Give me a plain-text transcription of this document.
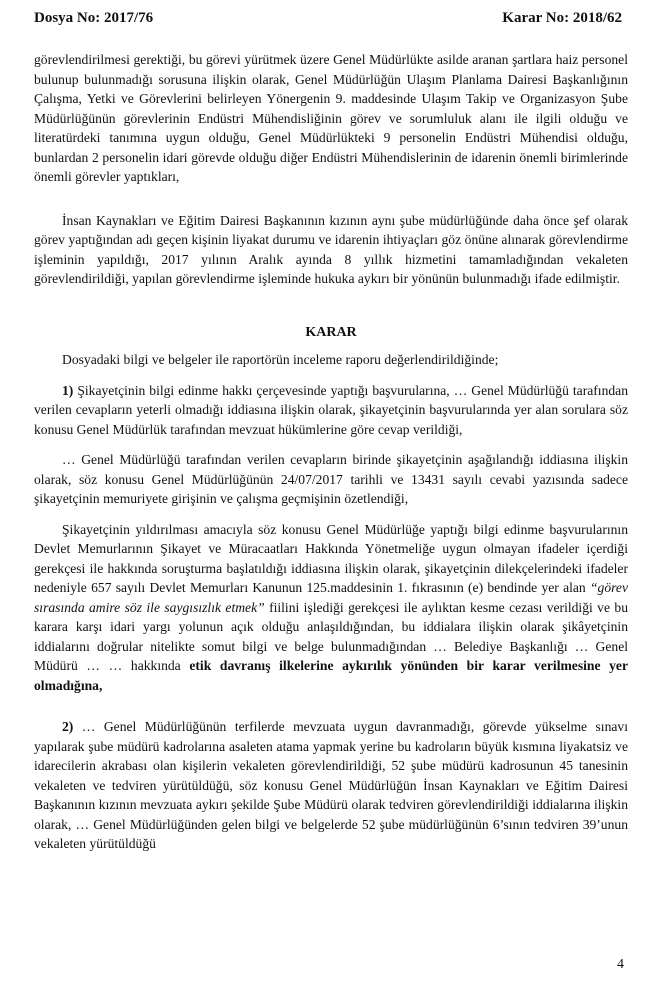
Dosya No: 2017/76	Karar No: 2018/62

görevlendirilmesi gerektiği, bu görevi yürütmek üzere Genel Müdürlükte asilde aranan şartlara haiz personel bulunup bulunmadığı sorusuna ilişkin olarak, Genel Müdürlüğün Ulaşım Planlama Dairesi Başkanlığının Çalışma, Yetki ve Görevlerini belirleyen Yönergenin 9. maddesinde Ulaşım Takip ve Organizasyon Şube Müdürlüğünün görevlerinin Endüstri Mühendisliğinin görev ve sorumluluk alanı ile ilgili olduğu ve literatürdeki tanımına uygun olduğu, Genel Müdürlükteki 9 personelin Endüstri Mühendisi olduğu, bunlardan 2 personelin idari görevde olduğu diğer Endüstri Mühendislerinin de idarenin önemli birimlerinde önemli görevler yaptıkları,

İnsan Kaynakları ve Eğitim Dairesi Başkanının kızının aynı şube müdürlüğünde daha önce şef olarak görev yaptığından adı geçen kişinin liyakat durumu ve idarenin ihtiyaçları göz önüne alınarak görevlendirme işleminin yapıldığı, 2017 yılının Aralık ayında 8 yıllık hizmetini tamamladığından vekaleten görevlendirildiği, yapılan görevlendirme işleminde hukuka aykırı bir yönünün bulunmadığı ifade edilmiştir.

KARAR

Dosyadaki bilgi ve belgeler ile raportörün inceleme raporu değerlendirildiğinde;

1) Şikayetçinin bilgi edinme hakkı çerçevesinde yaptığı başvurularına, … Genel Müdürlüğü tarafından verilen cevapların yeterli olmadığı iddiasına ilişkin olarak, şikayetçinin başvurularında yer alan sorulara söz konusu Genel Müdürlük tarafından mevzuat hükümlerine göre cevap verildiği,

… Genel Müdürlüğü tarafından verilen cevapların birinde şikayetçinin aşağılandığı iddiasına ilişkin olarak, söz konusu Genel Müdürlüğünün 24/07/2017 tarihli ve 13431 sayılı cevabi yazısında sadece şikayetçinin memuriyete girişinin ve çalışma geçmişinin özetlendiği,

Şikayetçinin yıldırılması amacıyla söz konusu Genel Müdürlüğe yaptığı bilgi edinme başvurularının Devlet Memurlarının Şikayet ve Müracaatları Hakkında Yönetmeliğe uygun olmayan ifadeler içerdiği gerekçesi ile hakkında soruşturma başlatıldığı iddiasına ilişkin olarak, şikayetçinin dilekçelerindeki ifadeler nedeniyle 657 sayılı Devlet Memurları Kanunun 125.maddesinin 1. fıkrasının (e) bendinde yer alan “görev sırasında amire söz ile saygısızlık etmek” fiilini işlediği gerekçesi ile aylıktan kesme cezası verildiği ve bu karara karşı idari yargı yolunun açık olduğu anlaşıldığından, bu iddialara ilişkin olarak şikâyetçinin iddialarını doğrular nitelikte somut bilgi ve belge bulunmadığından … Belediye Başkanlığı … Genel Müdürü … … hakkında etik davranış ilkelerine aykırılık yönünden bir karar verilmesine yer olmadığına,

2) … Genel Müdürlüğünün terfilerde mevzuata uygun davranmadığı, görevde yükselme sınavı yapılarak şube müdürü kadrolarına asaleten atama yapmak yerine bu kadroların büyük kısmına liyakatsiz ve idarecilerin akrabası olan kişilerin vekaleten görevlendirildiği, 52 şube müdürü kadrosunun 45 tanesinin vekaleten ve tedviren yürütüldüğü, söz konusu Genel Müdürlüğün İnsan Kaynakları ve Eğitim Dairesi Başkanının kızının mevzuata aykırı şekilde Şube Müdürü olarak tedviren görevlendirildiği iddialarına ilişkin olarak, … Genel Müdürlüğünden gelen bilgi ve belgelerde 52 şube müdürlüğünün 6’sının tedviren 39’unun vekaleten yürütüldüğü

4
